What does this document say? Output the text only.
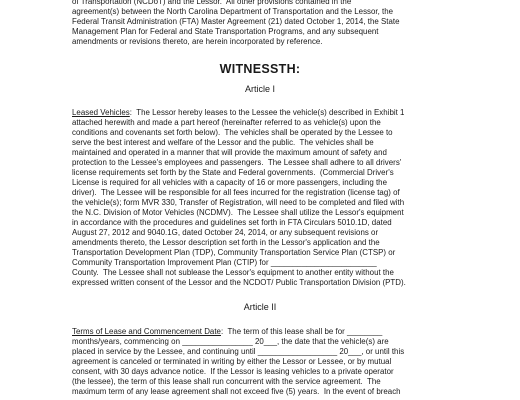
of Transportation (NCDoT) and the Lessor.  All other provisions contained in the
agreement(s) between the North Carolina Department of Transportation and the Lessor, the
Federal Transit Administration (FTA) Master Agreement (21) dated October 1, 2014, the State
Management Plan for Federal and State Transportation Programs, and any subsequent
amendments or revisions thereto, are herein incorporated by reference.
WITNESSTH:
Article I
Leased Vehicles:  The Lessor hereby leases to the Lessee the vehicle(s) described in Exhibit 1
attached herewith and made a part hereof (hereinafter referred to as vehicle(s) upon the
conditions and covenants set forth below).  The vehicles shall be operated by the Lessee to
serve the best interest and welfare of the Lessor and the public.  The vehicles shall be
maintained and operated in a manner that will provide the maximum amount of safety and
protection to the Lessee's employees and passengers.  The Lessee shall adhere to all drivers'
license requirements set forth by the State and Federal governments.  (Commercial Driver's
License is required for all vehicles with a capacity of 16 or more passengers, including the
driver).  The Lessee will be responsible for all fees incurred for the registration (license tag) of
the vehicle(s); form MVR 330, Transfer of Registration, will need to be completed and filed with
the N.C. Division of Motor Vehicles (NCDMV).  The Lessee shall utilize the Lessor's equipment
in accordance with the procedures and guidelines set forth in FTA Circulars 5010.1D, dated
August 27, 2012 and 9040.1G, dated October 24, 2014, or any subsequent revisions or
amendments thereto, the Lessor description set forth in the Lessor's application and the
Transportation Development Plan (TDP), Community Transportation Service Plan (CTSP) or
Community Transportation Improvement Plan (CTIP) for ________________________
County.  The Lessee shall not sublease the Lessor's equipment to another entity without the
expressed written consent of the Lessor and the NCDOT/ Public Transportation Division (PTD).
Article II
Terms of Lease and Commencement Date:  The term of this lease shall be for ________
months/years, commencing on ________________ 20___, the date that the vehicle(s) are
placed in service by the Lessee, and continuing until __________________ 20___, or until this
agreement is canceled or terminated in writing by either the Lessor or Lessee, or by mutual
consent, with 30 days advance notice.  If the Lessor is leasing vehicles to a private operator
(the lessee), the term of this lease shall run concurrent with the service agreement.  The
maximum term of any lease agreement shall not exceed five (5) years.  In the event of breach
